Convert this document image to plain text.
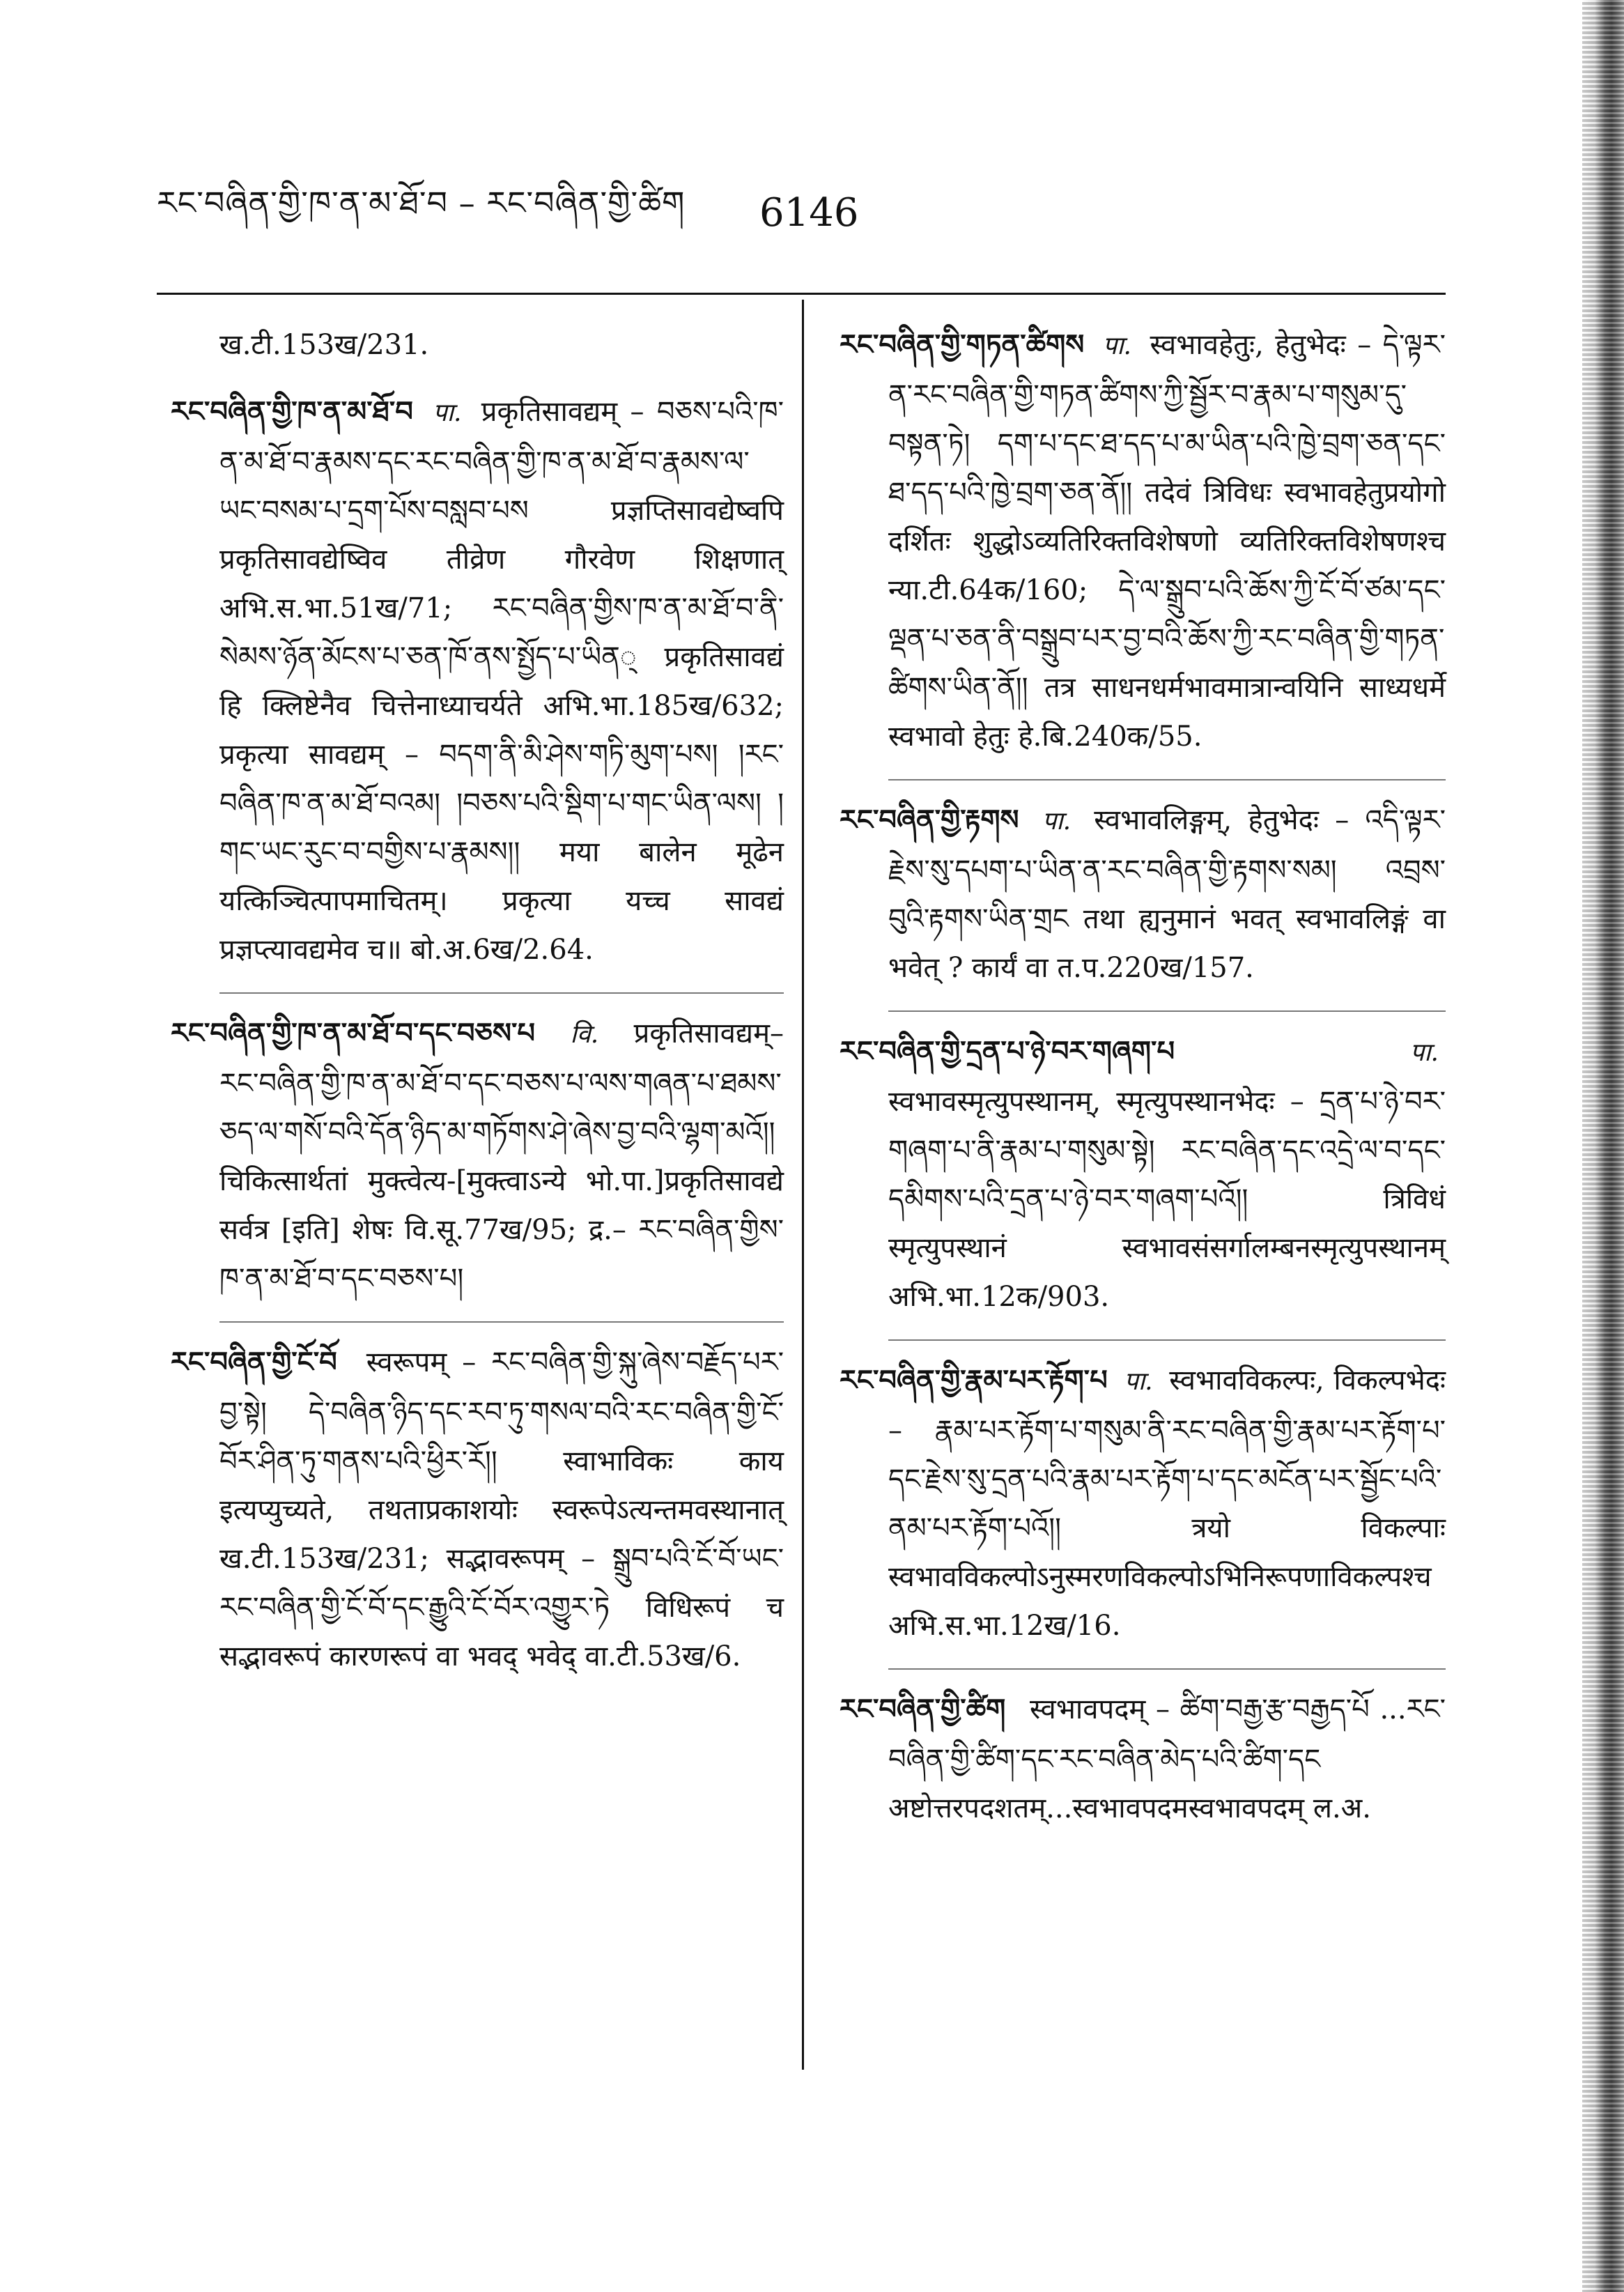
རང་བཞིན་གྱི་ཁ་ན་མ་ཐོ་བ – རང་བཞིན་གྱི་ཚིག 6146
ख.टी.153ख/231.
རང་བཞིན་གྱི་ཁ་ན་མ་ཐོ་བ पा. प्रकृतिसावद्यम् – བཅས་པའི་ཁ་ན་མ་ཐོ་བ་རྣམས་དང་རང་བཞིན་གྱི་ཁ་ན་མ་ཐོ་བ་རྣམས་ལ་ཡང་བསམ་པ་དྲག་པོས་བསླབ་པས प्रज्ञप्तिसावद्येष्वपि प्रकृतिसावद्येष्विव तीव्रेण गौरवेण शिक्षणात् अभि.स.भा.51ख/71; རང་བཞིན་གྱིས་ཁ་ན་མ་ཐོ་བ་ནི་སེམས་ཉོན་མོངས་པ་ཅན་ཁོ་ནས་སྤྱོད་པ་ཡིན् प्रकृतिसावद्यं हि क्लिष्टेनैव चित्तेनाध्याचर्यते अभि.भा.185ख/632; प्रकृत्या सावद्यम् – བདག་ནི་མི་ཤེས་གཏི་མུག་པས། །རང་བཞིན་ཁ་ན་མ་ཐོ་བའམ། །བཅས་པའི་སྡིག་པ་གང་ཡིན་ལས། །གང་ཡང་རུང་བ་བགྱིས་པ་རྣམས།། मया बालेन मूढेन यत्किञ्चित्पापमाचितम्। प्रकृत्या यच्च सावद्यं प्रज्ञप्त्यावद्यमेव च॥ बो.अ.6ख/2.64.
རང་བཞིན་གྱི་ཁ་ན་མ་ཐོ་བ་དང་བཅས་པ वि. प्रकृतिसावद्यम्–རང་བཞིན་གྱི་ཁ་ན་མ་ཐོ་བ་དང་བཅས་པ་ལས་གཞན་པ་ཐམས་ཅད་ལ་གསོ་བའི་དོན་ཉིད་མ་གཏོགས་ཤེ་ཞེས་བྱ་བའི་ལྷག་མའོ།། चिकित्सार्थतां मुक्त्वेत्य-[मुक्त्वाऽन्ये भो.पा.]प्रकृतिसावद्ये सर्वत्र [इति] शेषः वि.सू.77ख/95; द्र.– རང་བཞིན་གྱིས་ཁ་ན་མ་ཐོ་བ་དང་བཅས་པ།
རང་བཞིན་གྱི་ངོ་བོ स्वरूपम् – རང་བཞིན་གྱི་སྐུ་ཞེས་བརྗོད་པར་བྱ་སྟེ། དེ་བཞིན་ཉིད་དང་རབ་ཏུ་གསལ་བའི་རང་བཞིན་གྱི་ངོ་བོར་ཤིན་ཏུ་གནས་པའི་ཕྱིར་རོ།། स्वाभाविकः काय इत्यप्युच्यते, तथताप्रकाशयोः स्वरूपेऽत्यन्तमवस्थानात् ख.टी.153ख/231; सद्भावरूपम् – སྒྲུབ་པའི་ངོ་བོ་ཡང་རང་བཞིན་གྱི་ངོ་བོ་དང་རྒྱུའི་ངོ་བོར་འགྱུར་ཏེ विधिरूपं च सद्भावरूपं कारणरूपं वा भवद् भवेद् वा.टी.53ख/6.
རང་བཞིན་གྱི་གཏན་ཚིགས पा. स्वभावहेतुः, हेतुभेदः – དེ་ལྟར་ན་རང་བཞིན་གྱི་གཏན་ཚིགས་ཀྱི་སྦྱོར་བ་རྣམ་པ་གསུམ་དུ་བསྟན་ཏེ། དག་པ་དང་ཐ་དད་པ་མ་ཡིན་པའི་ཁྱེ་བྲག་ཅན་དང་ཐ་དད་པའི་ཁྱེ་བྲག་ཅན་ནོ།། तदेवं त्रिविधः स्वभावहेतुप्रयोगो दर्शितः शुद्धोऽव्यतिरिक्तविशेषणो व्यतिरिक्तविशेषणश्च न्या.टी.64क/160; དེ་ལ་སྒྲུབ་པའི་ཆོས་ཀྱི་ངོ་བོ་ཙམ་དང་ལྡན་པ་ཅན་ནི་བསྒྲུབ་པར་བྱ་བའི་ཆོས་ཀྱི་རང་བཞིན་གྱི་གཏན་ཚིགས་ཡིན་ནོ།། तत्र साधनधर्मभावमात्रान्वयिनि साध्यधर्मे स्वभावो हेतुः हे.बि.240क/55.
རང་བཞིན་གྱི་རྟགས पा. स्वभावलिङ्गम्, हेतुभेदः – འདི་ལྟར་རྗེས་སུ་དཔག་པ་ཡིན་ན་རང་བཞིན་གྱི་རྟགས་སམ། འབྲས་བུའི་རྟགས་ཡིན་གྲང तथा ह्यनुमानं भवत् स्वभावलिङ्गं वा भवेत् ? कार्यं वा त.प.220ख/157.
རང་བཞིན་གྱི་དྲན་པ་ཉེ་བར་གཞག་པ	पा. स्वभावस्मृत्युपस्थानम्, स्मृत्युपस्थानभेदः – དྲན་པ་ཉེ་བར་གཞག་པ་ནི་རྣམ་པ་གསུམ་སྟེ། རང་བཞིན་དང་འདྲེ་ལ་བ་དང་དམིགས་པའི་དྲན་པ་ཉེ་བར་གཞག་པའོ།། त्रिविधं स्मृत्युपस्थानं स्वभावसंसर्गालम्बनस्मृत्युपस्थानम् अभि.भा.12क/903.
རང་བཞིན་གྱི་རྣམ་པར་རྟོག་པ पा. स्वभावविकल्पः, विकल्पभेदः – རྣམ་པར་རྟོག་པ་གསུམ་ནི་རང་བཞིན་གྱི་རྣམ་པར་རྟོག་པ་དང་རྗེས་སུ་དྲན་པའི་རྣམ་པར་རྟོག་པ་དང་མངོན་པར་སྦྱོང་པའི་ནམ་པར་རྟོག་པའོ།། त्रयो विकल्पाः स्वभावविकल्पोऽनुस्मरणविकल्पोऽभिनिरूपणाविकल्पश्च अभि.स.भा.12ख/16.
རང་བཞིན་གྱི་ཚིག स्वभावपदम् – ཚིག་བརྒྱ་རྩ་བརྒྱད་པོ ...རང་བཞིན་གྱི་ཚིག་དང་རང་བཞིན་མེད་པའི་ཚིག་དང अष्टोत्तरपदशतम्...स्वभावपदमस्वभावपदम् ल.अ.
